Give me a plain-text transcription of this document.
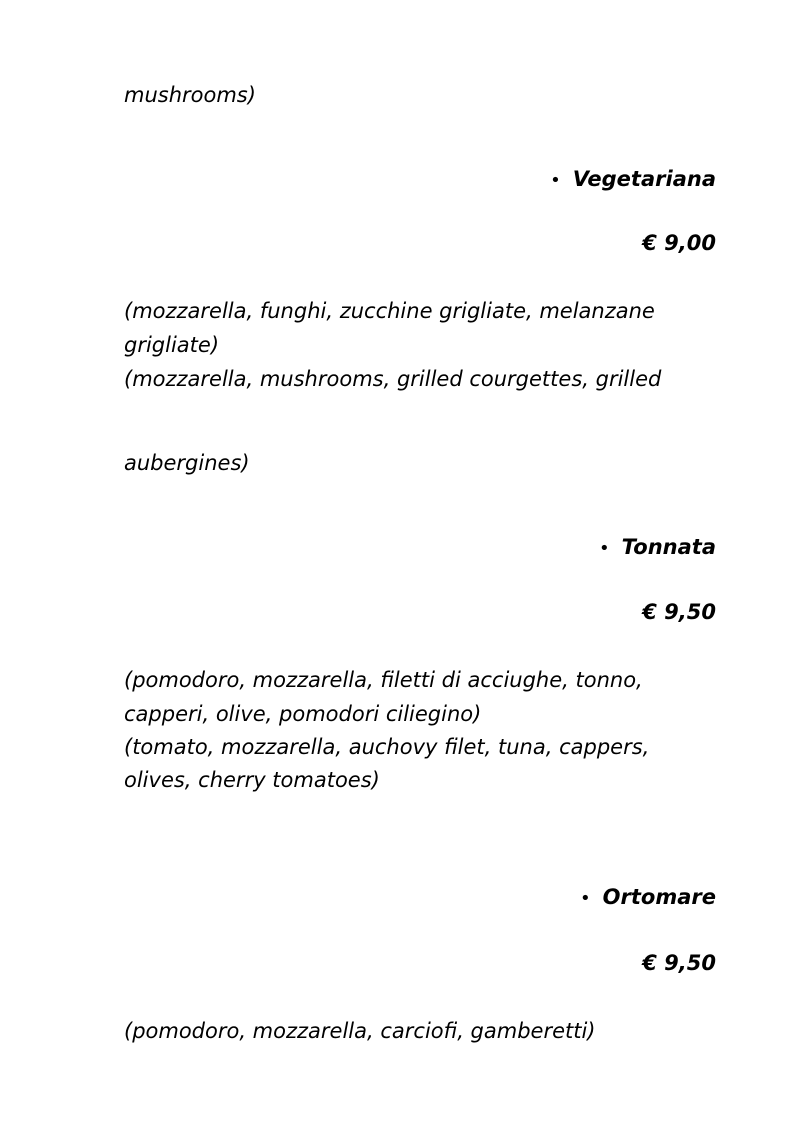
mushrooms)
• Vegetariana
€ 9,00
(mozzarella, funghi, zucchine grigliate, melanzane
grigliate)
(mozzarella, mushrooms, grilled courgettes, grilled
aubergines)
• Tonnata
€ 9,50
(pomodoro, mozzarella, filetti di acciughe, tonno,
capperi, olive, pomodori ciliegino)
(tomato, mozzarella, auchovy filet, tuna, cappers,
olives, cherry tomatoes)
• Ortomare
€ 9,50
(pomodoro, mozzarella, carciofi, gamberetti)
